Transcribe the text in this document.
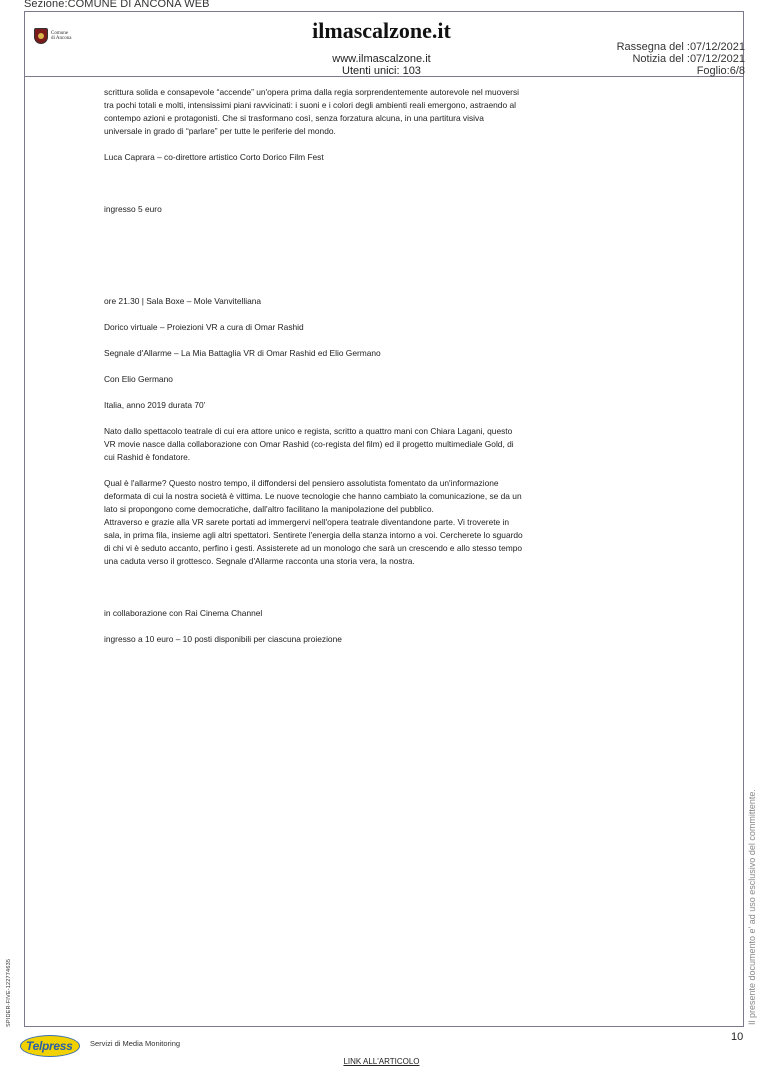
Sezione:COMUNE DI ANCONA WEB
Comune
di Ancona	ilmascalzone.it
www.ilmascalzone.it
Utenti unici: 103
Rassegna del :07/12/2021
Notizia del :07/12/2021
Foglio:6/8

scrittura solida e consapevole “accende” un'opera prima dalla regia sorprendentemente autorevole nel muoversi tra pochi totali e molti, intensissimi piani ravvicinati: i suoni e i colori degli ambienti reali emergono, astraendo al contempo azioni e protagonisti. Che si trasformano così, senza forzatura alcuna, in una partitura visiva universale in grado di “parlare” per tutte le periferie del mondo.

Luca Caprara – co-direttore artistico Corto Dorico Film Fest

ingresso 5 euro

ore 21.30 | Sala Boxe – Mole Vanvitelliana

Dorico virtuale – Proiezioni VR a cura di Omar Rashid

Segnale d'Allarme – La Mia Battaglia VR di Omar Rashid ed Elio Germano

Con Elio Germano

Italia, anno 2019 durata 70’

Nato dallo spettacolo teatrale di cui era attore unico e regista, scritto a quattro mani con Chiara Lagani, questo VR movie nasce dalla collaborazione con Omar Rashid (co-regista del film) ed il progetto multimediale Gold, di cui Rashid è fondatore.

Qual è l'allarme? Questo nostro tempo, il diffondersi del pensiero assolutista fomentato da un'informazione deformata di cui la nostra società è vittima. Le nuove tecnologie che hanno cambiato la comunicazione, se da un lato si propongono come democratiche, dall'altro facilitano la manipolazione del pubblico.

Attraverso e grazie alla VR sarete portati ad immergervi nell'opera teatrale diventandone parte. Vi troverete in sala, in prima fila, insieme agli altri spettatori. Sentirete l'energia della stanza intorno a voi. Cercherete lo sguardo di chi vi è seduto accanto, perfino i gesti. Assisterete ad un monologo che sarà un crescendo e allo stesso tempo una caduta verso il grottesco. Segnale d'Allarme racconta una storia vera, la nostra.

in collaborazione con Rai Cinema Channel

ingresso a 10 euro – 10 posti disponibili per ciascuna proiezione

SPIDER-FIVE-122774635	Il presente documento e' ad uso esclusivo del committente.
10
Telpress Servizi di Media Monitoring
LINK ALL'ARTICOLO
